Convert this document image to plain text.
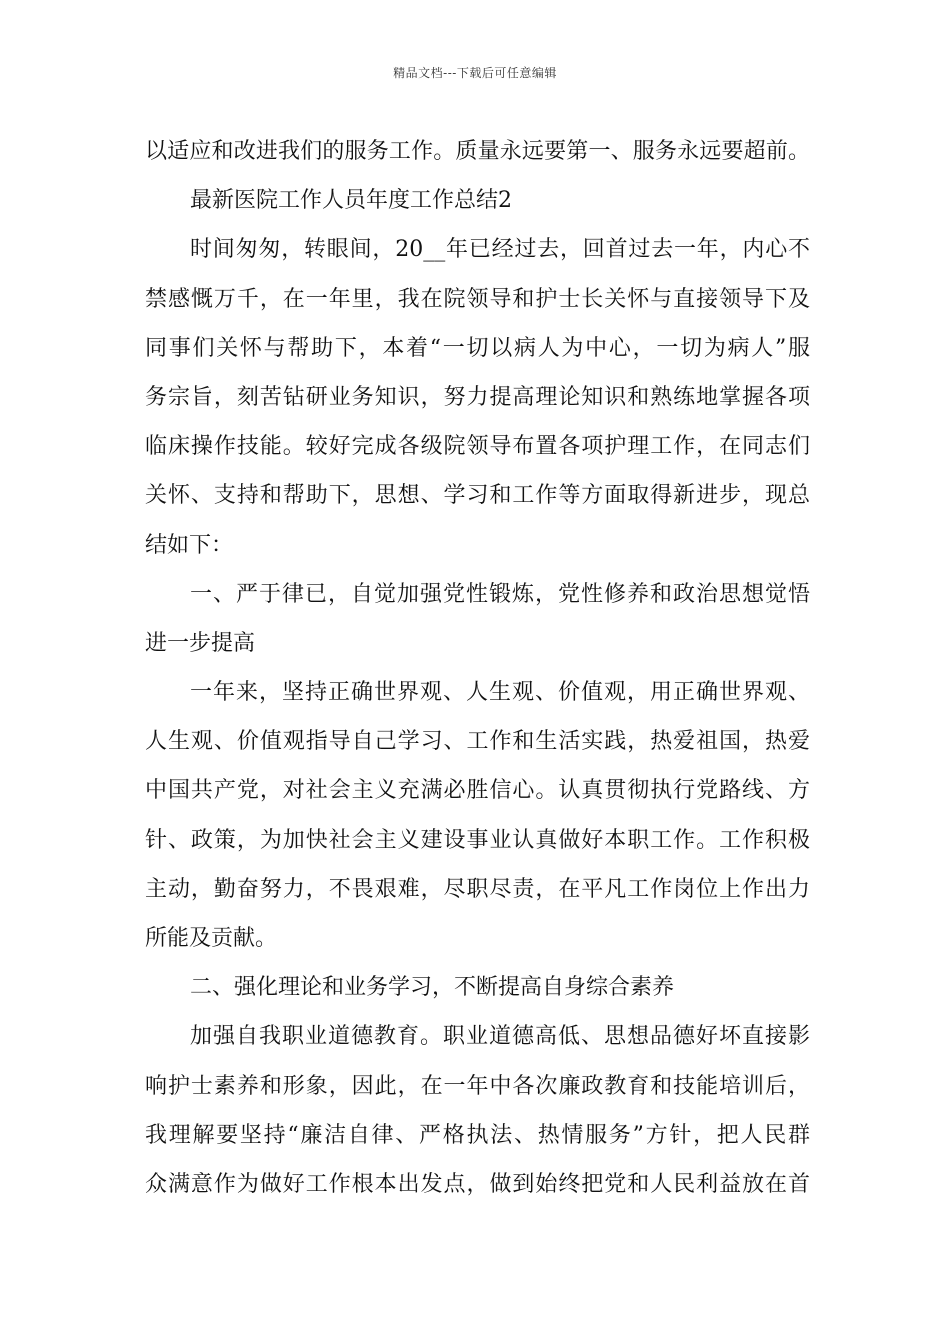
精品文档---下载后可任意编辑
以适应和改进我们的服务工作。质量永远要第一、服务永远要超前。
最新医院工作人员年度工作总结2
时间匆匆，转眼间，20__年已经过去，回首过去一年，内心不
禁感慨万千，在一年里，我在院领导和护士长关怀与直接领导下及
同事们关怀与帮助下，本着“一切以病人为中心，一切为病人”服
务宗旨，刻苦钻研业务知识，努力提高理论知识和熟练地掌握各项
临床操作技能。较好完成各级院领导布置各项护理工作，在同志们
关怀、支持和帮助下，思想、学习和工作等方面取得新进步，现总
结如下：
一、严于律已，自觉加强党性锻炼，党性修养和政治思想觉悟
进一步提高
一年来，坚持正确世界观、人生观、价值观，用正确世界观、
人生观、价值观指导自己学习、工作和生活实践，热爱祖国，热爱
中国共产党，对社会主义充满必胜信心。认真贯彻执行党路线、方
针、政策，为加快社会主义建设事业认真做好本职工作。工作积极
主动，勤奋努力，不畏艰难，尽职尽责，在平凡工作岗位上作出力
所能及贡献。
二、强化理论和业务学习，不断提高自身综合素养
加强自我职业道德教育。职业道德高低、思想品德好坏直接影
响护士素养和形象，因此，在一年中各次廉政教育和技能培训后，
我理解要坚持“廉洁自律、严格执法、热情服务”方针，把人民群
众满意作为做好工作根本出发点，做到始终把党和人民利益放在首
